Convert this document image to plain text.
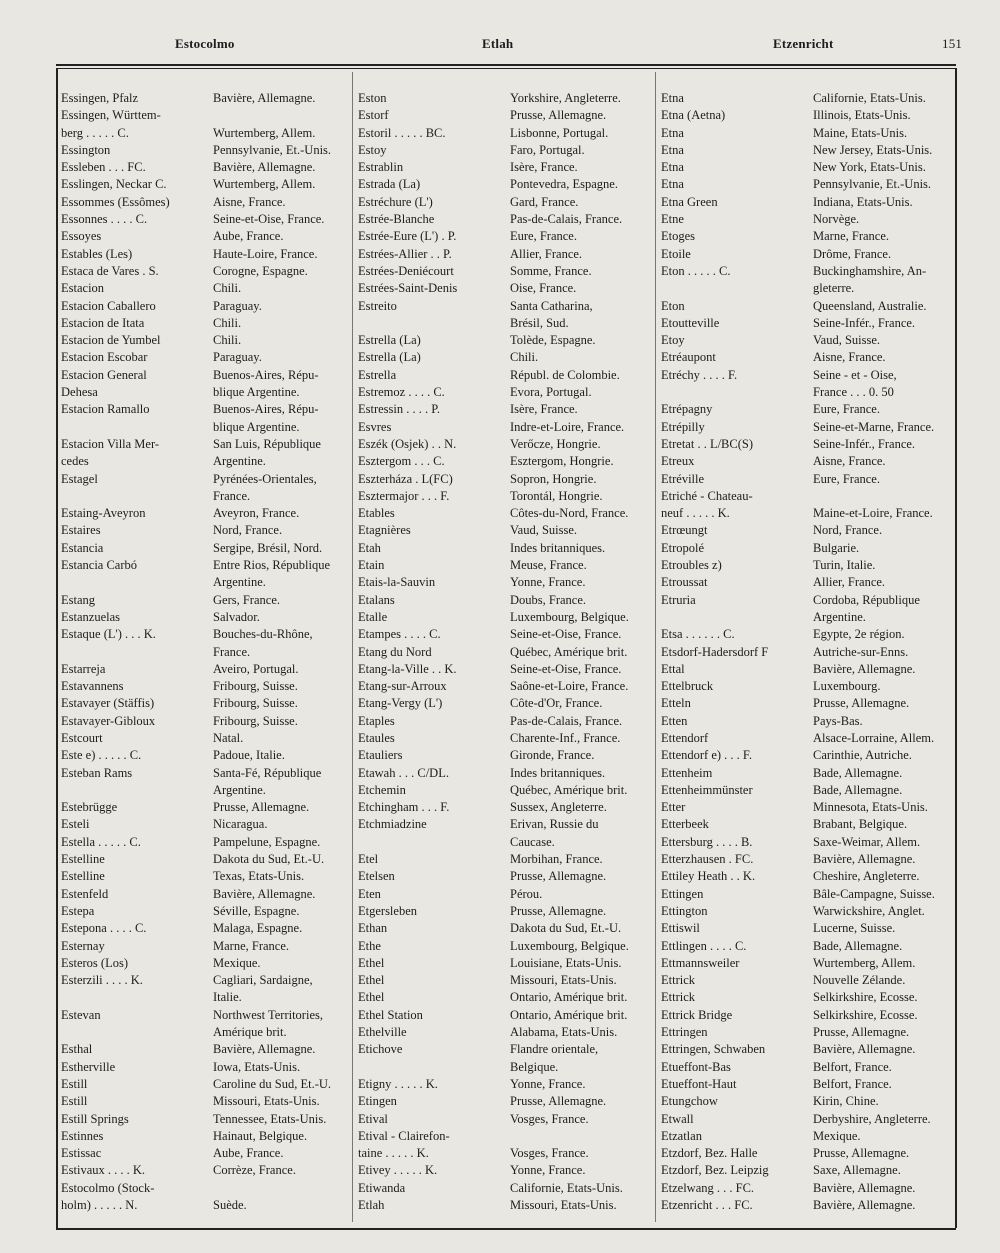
Estocolmo	Etlah	Etzenricht	151
Essingen, Pfalz	Bavière, Allemagne.
Essingen, Württem-
berg . . . . . C.	Wurtemberg, Allem.
Essington	Pennsylvanie, Et.-Unis.
Essleben . . . FC.	Bavière, Allemagne.
Esslingen, Neckar C.	Wurtemberg, Allem.
Essommes (Essômes)	Aisne, France.
Essonnes . . . . C.	Seine-et-Oise, France.
Essoyes	Aube, France.
Estables (Les)	Haute-Loire, France.
Estaca de Vares . S.	Corogne, Espagne.
Estacion	Chili.
Estacion Caballero	Paraguay.
Estacion de Itata	Chili.
Estacion de Yumbel	Chili.
Estacion Escobar	Paraguay.
Estacion General	Buenos-Aires, Répu-
Dehesa	blique Argentine.
Estacion Ramallo	Buenos-Aires, Répu-
blique Argentine.
Estacion Villa Mer-	San Luis, République
cedes	Argentine.
Estagel	Pyrénées-Orientales,
France.
Estaing-Aveyron	Aveyron, France.
Estaires	Nord, France.
Estancia	Sergipe, Brésil, Nord.
Estancia Carbó	Entre Rios, République
Argentine.
Estang	Gers, France.
Estanzuelas	Salvador.
Estaque (L') . . . K.	Bouches-du-Rhône,
France.
Estarreja	Aveiro, Portugal.
Estavannens	Fribourg, Suisse.
Estavayer (Stäffis)	Fribourg, Suisse.
Estavayer-Gibloux	Fribourg, Suisse.
Estcourt	Natal.
Este e) . . . . . C.	Padoue, Italie.
Esteban Rams	Santa-Fé, République
Argentine.
Estebrügge	Prusse, Allemagne.
Esteli	Nicaragua.
Estella . . . . . C.	Pampelune, Espagne.
Estelline	Dakota du Sud, Et.-U.
Estelline	Texas, Etats-Unis.
Estenfeld	Bavière, Allemagne.
Estepa	Séville, Espagne.
Estepona . . . . C.	Malaga, Espagne.
Esternay	Marne, France.
Esteros (Los)	Mexique.
Esterzili . . . . K.	Cagliari, Sardaigne,
Italie.
Estevan	Northwest Territories,
Amérique brit.
Esthal	Bavière, Allemagne.
Estherville	Iowa, Etats-Unis.
Estill	Caroline du Sud, Et.-U.
Estill	Missouri, Etats-Unis.
Estill Springs	Tennessee, Etats-Unis.
Estinnes	Hainaut, Belgique.
Estissac	Aube, France.
Estivaux . . . . K.	Corrèze, France.
Estocolmo (Stock-
holm) . . . . . N.	Suède.
Eston	Yorkshire, Angleterre.
Estorf	Prusse, Allemagne.
Estoril . . . . . BC.	Lisbonne, Portugal.
Estoy	Faro, Portugal.
Estrablin	Isère, France.
Estrada (La)	Pontevedra, Espagne.
Estréchure (L')	Gard, France.
Estrée-Blanche	Pas-de-Calais, France.
Estrée-Eure (L') . P.	Eure, France.
Estrées-Allier . . P.	Allier, France.
Estrées-Deniécourt	Somme, France.
Estrées-Saint-Denis	Oise, France.
Estreito	Santa Catharina,
Brésil, Sud.
Estrella (La)	Tolède, Espagne.
Estrella (La)	Chili.
Estrella	Républ. de Colombie.
Estremoz . . . . C.	Evora, Portugal.
Estressin . . . . P.	Isère, France.
Esvres	Indre-et-Loire, France.
Eszék (Osjek) . . N.	Verőcze, Hongrie.
Esztergom . . . C.	Esztergom, Hongrie.
Eszterháza . L(FC)	Sopron, Hongrie.
Esztermajor . . . F.	Torontál, Hongrie.
Etables	Côtes-du-Nord, France.
Etagnières	Vaud, Suisse.
Etah	Indes britanniques.
Etain	Meuse, France.
Etais-la-Sauvin	Yonne, France.
Etalans	Doubs, France.
Etalle	Luxembourg, Belgique.
Etampes . . . . C.	Seine-et-Oise, France.
Etang du Nord	Québec, Amérique brit.
Etang-la-Ville . . K.	Seine-et-Oise, France.
Etang-sur-Arroux	Saône-et-Loire, France.
Etang-Vergy (L')	Côte-d'Or, France.
Etaples	Pas-de-Calais, France.
Etaules	Charente-Inf., France.
Etauliers	Gironde, France.
Etawah . . . C/DL.	Indes britanniques.
Etchemin	Québec, Amérique brit.
Etchingham . . . F.	Sussex, Angleterre.
Etchmiadzine	Erivan, Russie du
Caucase.
Etel	Morbihan, France.
Etelsen	Prusse, Allemagne.
Eten	Pérou.
Etgersleben	Prusse, Allemagne.
Ethan	Dakota du Sud, Et.-U.
Ethe	Luxembourg, Belgique.
Ethel	Louisiane, Etats-Unis.
Ethel	Missouri, Etats-Unis.
Ethel	Ontario, Amérique brit.
Ethel Station	Ontario, Amérique brit.
Ethelville	Alabama, Etats-Unis.
Etichove	Flandre orientale,
Belgique.
Etigny . . . . . K.	Yonne, France.
Etingen	Prusse, Allemagne.
Etival	Vosges, France.
Etival - Clairefon-
taine . . . . . K.	Vosges, France.
Etivey . . . . . K.	Yonne, France.
Etiwanda	Californie, Etats-Unis.
Etlah	Missouri, Etats-Unis.
Etna	Californie, Etats-Unis.
Etna (Aetna)	Illinois, Etats-Unis.
Etna	Maine, Etats-Unis.
Etna	New Jersey, Etats-Unis.
Etna	New York, Etats-Unis.
Etna	Pennsylvanie, Et.-Unis.
Etna Green	Indiana, Etats-Unis.
Etne	Norvège.
Etoges	Marne, France.
Etoile	Drôme, France.
Eton . . . . . C.	Buckinghamshire, An-
gleterre.
Eton	Queensland, Australie.
Etoutteville	Seine-Infér., France.
Etoy	Vaud, Suisse.
Etréaupont	Aisne, France.
Etréchy . . . . F.	Seine - et - Oise,
France . . . 0. 50
Etrépagny	Eure, France.
Etrépilly	Seine-et-Marne, France.
Etretat . . L/BC(S)	Seine-Infér., France.
Etreux	Aisne, France.
Etréville	Eure, France.
Etriché - Chateau-
neuf . . . . . K.	Maine-et-Loire, France.
Etrœungt	Nord, France.
Etropolé	Bulgarie.
Etroubles z)	Turin, Italie.
Etroussat	Allier, France.
Etruria	Cordoba, République
Argentine.
Etsa . . . . . . C.	Egypte, 2e région.
Etsdorf-Hadersdorf F	Autriche-sur-Enns.
Ettal	Bavière, Allemagne.
Ettelbruck	Luxembourg.
Etteln	Prusse, Allemagne.
Etten	Pays-Bas.
Ettendorf	Alsace-Lorraine, Allem.
Ettendorf e) . . . F.	Carinthie, Autriche.
Ettenheim	Bade, Allemagne.
Ettenheimmünster	Bade, Allemagne.
Etter	Minnesota, Etats-Unis.
Etterbeek	Brabant, Belgique.
Ettersburg . . . . B.	Saxe-Weimar, Allem.
Etterzhausen . FC.	Bavière, Allemagne.
Ettiley Heath . . K.	Cheshire, Angleterre.
Ettingen	Bâle-Campagne, Suisse.
Ettington	Warwickshire, Anglet.
Ettiswil	Lucerne, Suisse.
Ettlingen . . . . C.	Bade, Allemagne.
Ettmannsweiler	Wurtemberg, Allem.
Ettrick	Nouvelle Zélande.
Ettrick	Selkirkshire, Ecosse.
Ettrick Bridge	Selkirkshire, Ecosse.
Ettringen	Prusse, Allemagne.
Ettringen, Schwaben	Bavière, Allemagne.
Etueffont-Bas	Belfort, France.
Etueffont-Haut	Belfort, France.
Etungchow	Kirin, Chine.
Etwall	Derbyshire, Angleterre.
Etzatlan	Mexique.
Etzdorf, Bez. Halle	Prusse, Allemagne.
Etzdorf, Bez. Leipzig	Saxe, Allemagne.
Etzelwang . . . FC.	Bavière, Allemagne.
Etzenricht . . . FC.	Bavière, Allemagne.
